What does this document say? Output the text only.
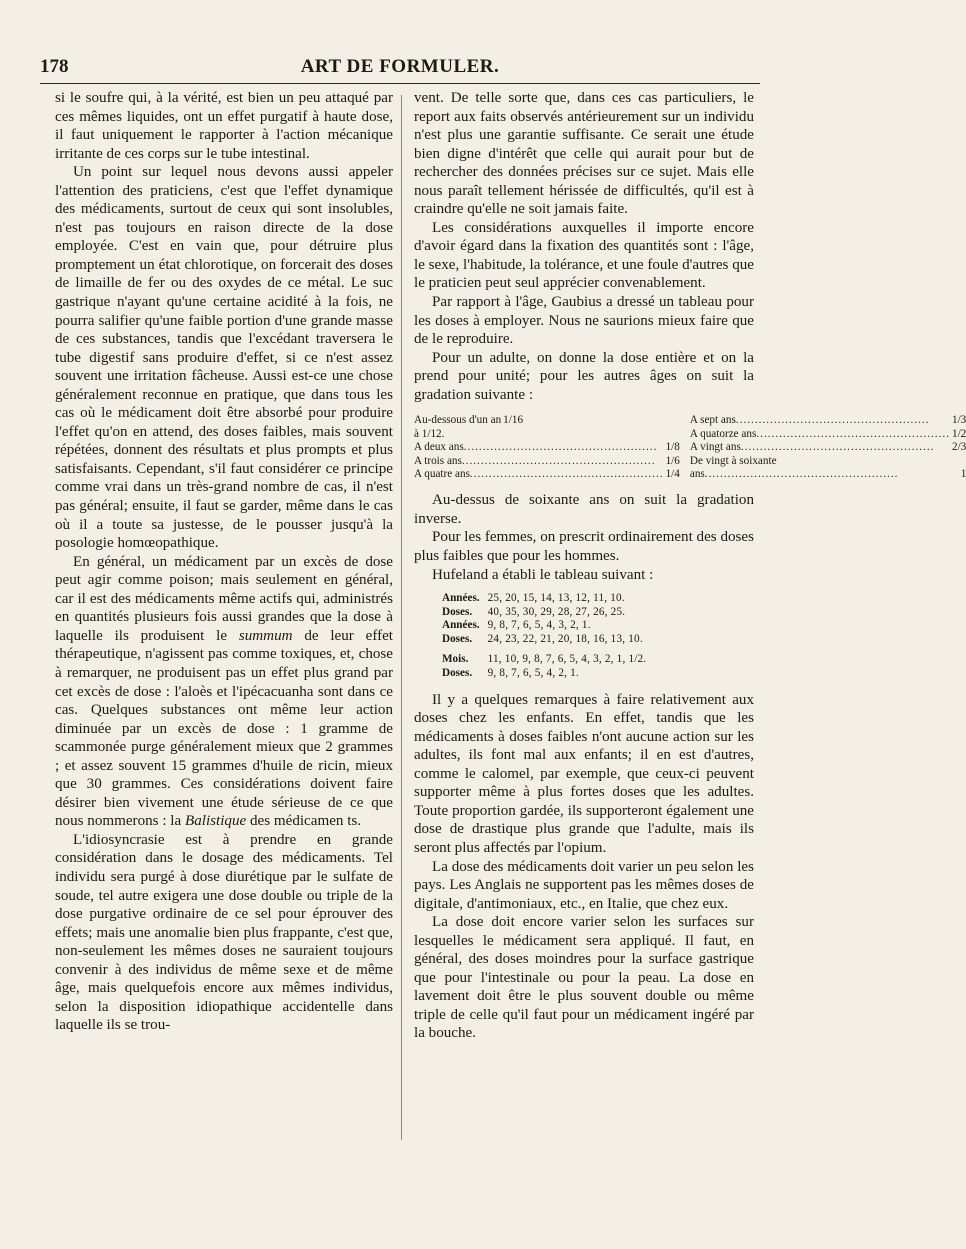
178	ART DE FORMULER.

si le soufre qui, à la vérité, est bien un peu attaqué par ces mêmes liquides, ont un effet purgatif à haute dose, il faut uniquement le rapporter à l'action mécanique irritante de ces corps sur le tube intestinal.

Un point sur lequel nous devons aussi appeler l'attention des praticiens, c'est que l'effet dynamique des médicaments, surtout de ceux qui sont insolubles, n'est pas toujours en raison directe de la dose employée. C'est en vain que, pour détruire plus promptement un état chlorotique, on forcerait des doses de limaille de fer ou des oxydes de ce métal. Le suc gastrique n'ayant qu'une certaine acidité à la fois, ne pourra salifier qu'une faible portion d'une grande masse de ces substances, tandis que l'excédant traversera le tube digestif sans produire d'effet, si ce n'est assez souvent une irritation fâcheuse. Aussi est-ce une chose généralement reconnue en pratique, que dans tous les cas où le médicament doit être absorbé pour produire l'effet qu'on en attend, des doses faibles, mais souvent répétées, donnent des résultats et plus prompts et plus satisfaisants. Cependant, s'il faut considérer ce principe comme vrai dans un très-grand nombre de cas, il n'est pas général; ensuite, il faut se garder, même dans le cas où il a toute sa justesse, de le pousser jusqu'à la posologie homœopathique.

En général, un médicament par un excès de dose peut agir comme poison; mais seulement en général, car il est des médicaments même actifs qui, administrés en quantités plusieurs fois aussi grandes que la dose à laquelle ils produisent le summum de leur effet thérapeutique, n'agissent pas comme toxiques, et, chose à remarquer, ne produisent pas un effet plus grand par cet excès de dose : l'aloès et l'ipécacuanha sont dans ce cas. Quelques substances ont même leur action diminuée par un excès de dose : 1 gramme de scammonée purge généralement mieux que 2 grammes ; et assez souvent 15 grammes d'huile de ricin, mieux que 30 grammes. Ces considérations doivent faire désirer bien vivement une étude sérieuse de ce que nous nommerons : la Balistique des médicamen ts.

L'idiosyncrasie est à prendre en grande considération dans le dosage des médicaments. Tel individu sera purgé à dose diurétique par le sulfate de soude, tel autre exigera une dose double ou triple de la dose purgative ordinaire de ce sel pour éprouver des effets; mais une anomalie bien plus frappante, c'est que, non-seulement les mêmes doses ne sauraient toujours convenir à des individus de même sexe et de même âge, mais quelquefois encore aux mêmes individus, selon la disposition idiopathique accidentelle dans laquelle ils se trou-

vent. De telle sorte que, dans ces cas particuliers, le report aux faits observés antérieurement sur un individu n'est plus une garantie suffisante. Ce serait une étude bien digne d'intérêt que celle qui aurait pour but de rechercher des données précises sur ce sujet. Mais elle nous paraît tellement hérissée de difficultés, qu'il est à craindre qu'elle ne soit jamais faite.

Les considérations auxquelles il importe encore d'avoir égard dans la fixation des quantités sont : l'âge, le sexe, l'habitude, la tolérance, et une foule d'autres que le praticien peut seul apprécier convenablement.

Par rapport à l'âge, Gaubius a dressé un tableau pour les doses à employer. Nous ne saurions mieux faire que de le reproduire.

Pour un adulte, on donne la dose entière et on la prend pour unité; pour les autres âges on suit la gradation suivante :

Au-dessous d'un an 1/16
à 1/12.
A deux ans .....	1/8
A trois ans .....	1/6
A quatre ans .....	1/4
A sept ans .....	1/3
A quatorze ans .....	1/2
A vingt ans .....	2/3
De vingt à soixante
ans .....	1

Au-dessus de soixante ans on suit la gradation inverse.

Pour les femmes, on prescrit ordinairement des doses plus faibles que pour les hommes.

Hufeland a établi le tableau suivant :

Années.	25, 20, 15, 14, 13, 12, 11, 10.
Doses.	40, 35, 30, 29, 28, 27, 26, 25.
Années.	9, 8, 7, 6, 5, 4, 3, 2, 1.
Doses.	24, 23, 22, 21, 20, 18, 16, 13, 10.

Mois.	11, 10, 9, 8, 7, 6, 5, 4, 3, 2, 1, 1/2.
Doses.	9, 8, 7, 6, 5, 4, 2, 1.

Il y a quelques remarques à faire relativement aux doses chez les enfants. En effet, tandis que les médicaments à doses faibles n'ont aucune action sur les adultes, ils font mal aux enfants; il en est d'autres, comme le calomel, par exemple, que ceux-ci peuvent supporter même à plus fortes doses que les adultes. Toute proportion gardée, ils supporteront également une dose de drastique plus grande que l'adulte, mais ils seront plus affectés par l'opium.

La dose des médicaments doit varier un peu selon les pays. Les Anglais ne supportent pas les mêmes doses de digitale, d'antimoniaux, etc., en Italie, que chez eux.

La dose doit encore varier selon les surfaces sur lesquelles le médicament sera appliqué. Il faut, en général, des doses moindres pour la surface gastrique que pour l'intestinale ou pour la peau. La dose en lavement doit être le plus souvent double ou même triple de celle qu'il faut pour un médicament ingéré par la bouche.
